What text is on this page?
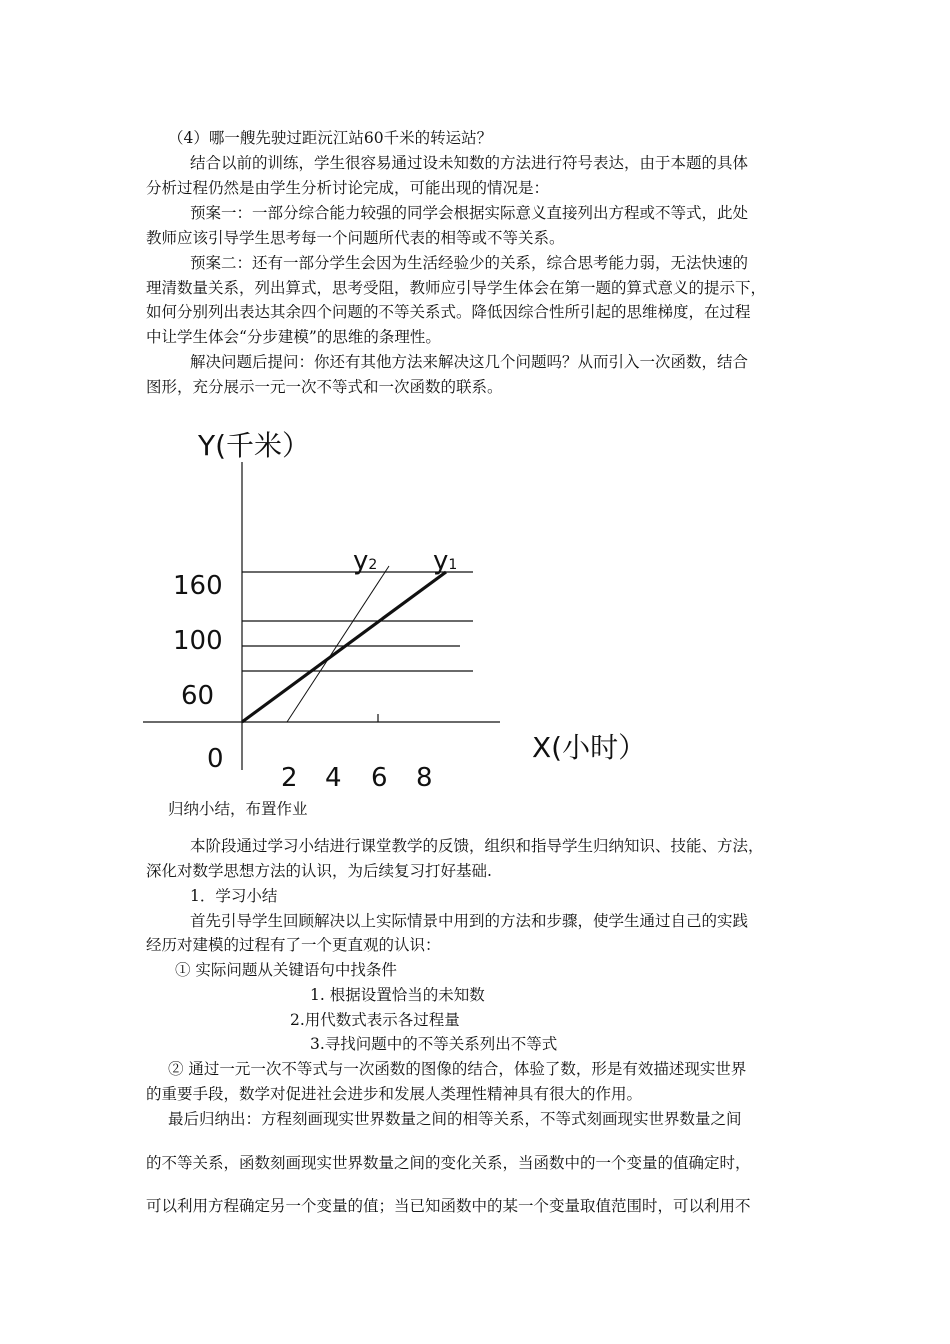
（4）哪一艘先驶过距沅江站60千米的转运站？
结合以前的训练，学生很容易通过设未知数的方法进行符号表达，由于本题的具体
分析过程仍然是由学生分析讨论完成，可能出现的情况是：
预案一：一部分综合能力较强的同学会根据实际意义直接列出方程或不等式，此处
教师应该引导学生思考每一个问题所代表的相等或不等关系。
预案二：还有一部分学生会因为生活经验少的关系，综合思考能力弱，无法快速的
理清数量关系，列出算式，思考受阻，教师应引导学生体会在第一题的算式意义的提示下，
如何分别列出表达其余四个问题的不等关系式。降低因综合性所引起的思维梯度，在过程
中让学生体会“分步建模”的思维的条理性。
解决问题后提问：你还有其他方法来解决这几个问题吗？从而引入一次函数，结合
图形，充分展示一元一次不等式和一次函数的联系。
Y(千米）
X(小时）
0
160
100
60
2 4 6 8
y2 y1
归纳小结，布置作业
本阶段通过学习小结进行课堂教学的反馈，组织和指导学生归纳知识、技能、方法，
深化对数学思想方法的认识，为后续复习打好基础.
1．学习小结
首先引导学生回顾解决以上实际情景中用到的方法和步骤，使学生通过自己的实践
经历对建模的过程有了一个更直观的认识：
① 实际问题从关键语句中找条件
1. 根据设置恰当的未知数
2.用代数式表示各过程量
3.寻找问题中的不等关系列出不等式
② 通过一元一次不等式与一次函数的图像的结合，体验了数，形是有效描述现实世界
的重要手段，数学对促进社会进步和发展人类理性精神具有很大的作用。
最后归纳出：方程刻画现实世界数量之间的相等关系，不等式刻画现实世界数量之间
的不等关系，函数刻画现实世界数量之间的变化关系，当函数中的一个变量的值确定时，
可以利用方程确定另一个变量的值；当已知函数中的某一个变量取值范围时，可以利用不
